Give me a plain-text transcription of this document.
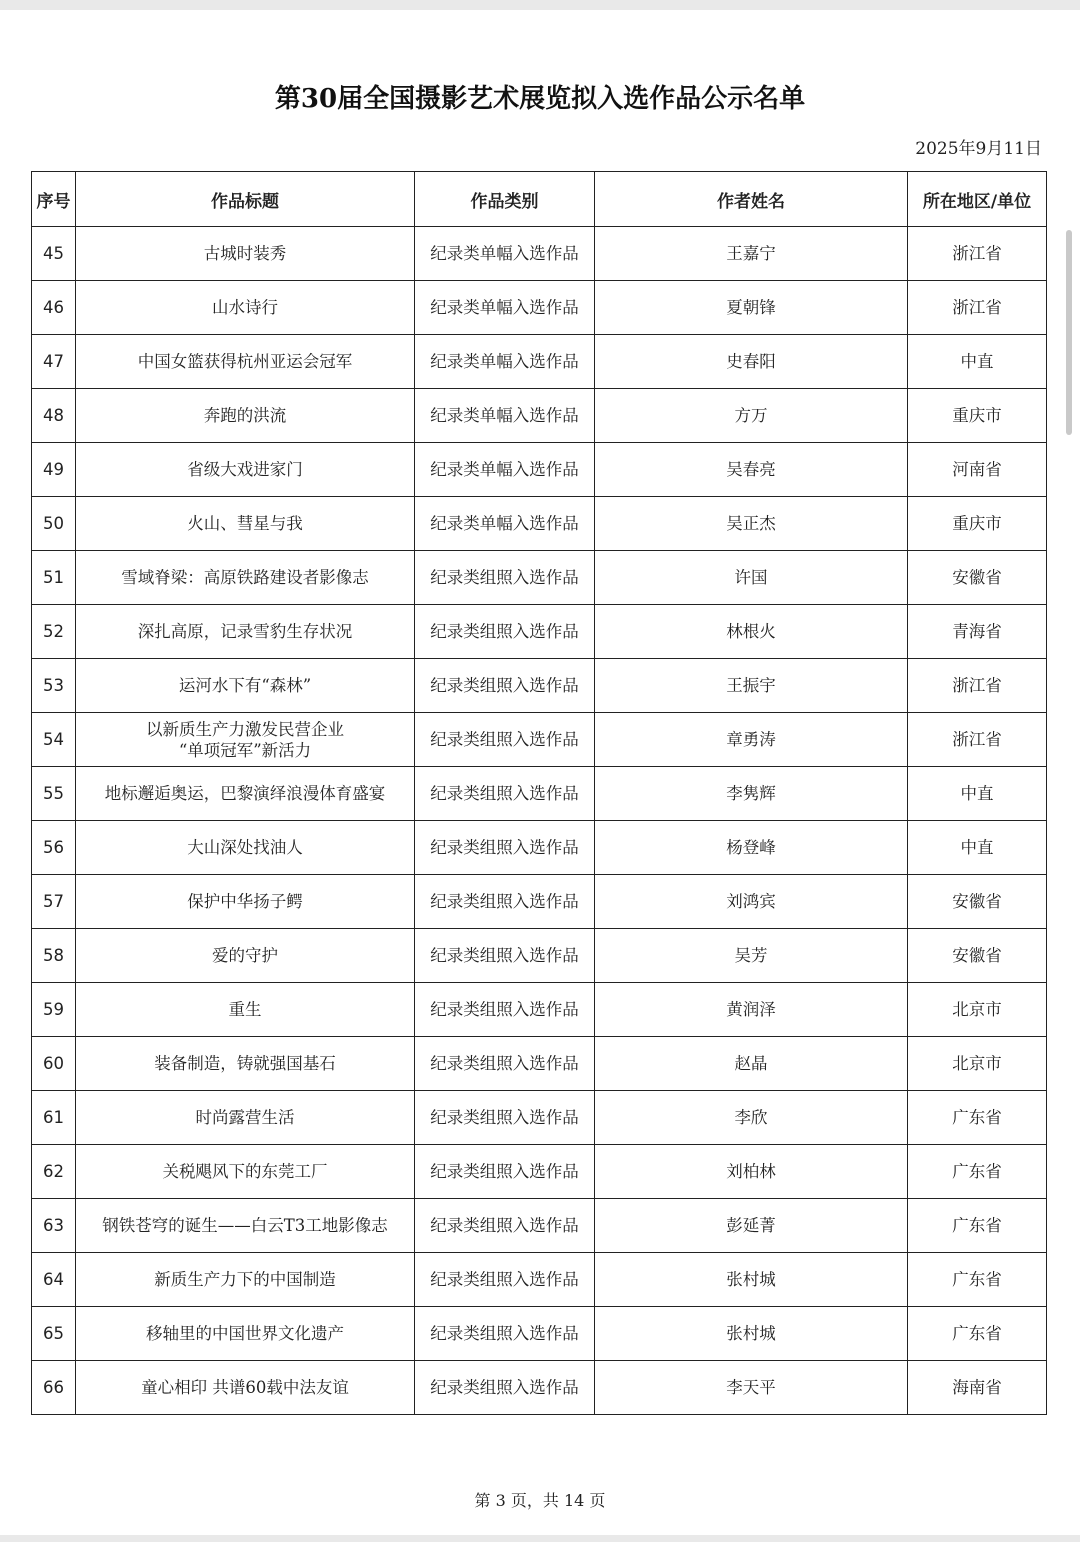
第30届全国摄影艺术展览拟入选作品公示名单
2025年9月11日
序号	作品标题	作品类别	作者姓名	所在地区/单位
45	古城时装秀	纪录类单幅入选作品	王嘉宁	浙江省
46	山水诗行	纪录类单幅入选作品	夏朝锋	浙江省
47	中国女篮获得杭州亚运会冠军	纪录类单幅入选作品	史春阳	中直
48	奔跑的洪流	纪录类单幅入选作品	方万	重庆市
49	省级大戏进家门	纪录类单幅入选作品	吴春亮	河南省
50	火山、彗星与我	纪录类单幅入选作品	吴正杰	重庆市
51	雪域脊梁：高原铁路建设者影像志	纪录类组照入选作品	许国	安徽省
52	深扎高原，记录雪豹生存状况	纪录类组照入选作品	林根火	青海省
53	运河水下有“森林”	纪录类组照入选作品	王振宇	浙江省
54	以新质生产力激发民营企业
“单项冠军”新活力	纪录类组照入选作品	章勇涛	浙江省
55	地标邂逅奥运，巴黎演绎浪漫体育盛宴	纪录类组照入选作品	李隽辉	中直
56	大山深处找油人	纪录类组照入选作品	杨登峰	中直
57	保护中华扬子鳄	纪录类组照入选作品	刘鸿宾	安徽省
58	爱的守护	纪录类组照入选作品	吴芳	安徽省
59	重生	纪录类组照入选作品	黄润泽	北京市
60	装备制造，铸就强国基石	纪录类组照入选作品	赵晶	北京市
61	时尚露营生活	纪录类组照入选作品	李欣	广东省
62	关税飓风下的东莞工厂	纪录类组照入选作品	刘柏林	广东省
63	钢铁苍穹的诞生——白云T3工地影像志	纪录类组照入选作品	彭延菁	广东省
64	新质生产力下的中国制造	纪录类组照入选作品	张村城	广东省
65	移轴里的中国世界文化遗产	纪录类组照入选作品	张村城	广东省
66	童心相印 共谱60载中法友谊	纪录类组照入选作品	李天平	海南省
第 3 页，共 14 页
